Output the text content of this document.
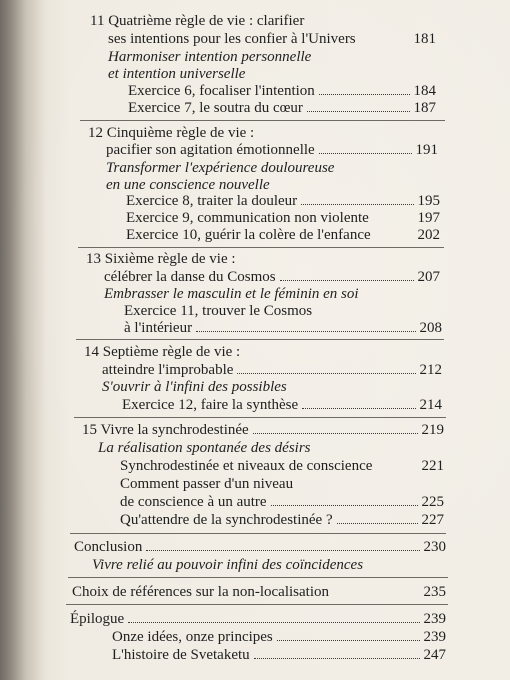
11 Quatrième règle de vie : clarifier
ses intentions pour les confier à l'Univers	181
Harmoniser intention personnelle
et intention universelle
Exercice 6, focaliser l'intention	184
Exercice 7, le soutra du cœur	187
12 Cinquième règle de vie :
pacifier son agitation émotionnelle	191
Transformer l'expérience douloureuse
en une conscience nouvelle
Exercice 8, traiter la douleur	195
Exercice 9, communication non violente	197
Exercice 10, guérir la colère de l'enfance	202
13 Sixième règle de vie :
célébrer la danse du Cosmos	207
Embrasser le masculin et le féminin en soi
Exercice 11, trouver le Cosmos
à l'intérieur	208
14 Septième règle de vie :
atteindre l'improbable	212
S'ouvrir à l'infini des possibles
Exercice 12, faire la synthèse	214
15 Vivre la synchrodestinée	219
La réalisation spontanée des désirs
Synchrodestinée et niveaux de conscience	221
Comment passer d'un niveau
de conscience à un autre	225
Qu'attendre de la synchrodestinée ?	227
Conclusion	230
Vivre relié au pouvoir infini des coïncidences
Choix de références sur la non-localisation	235
Épilogue	239
Onze idées, onze principes	239
L'histoire de Svetaketu	247
